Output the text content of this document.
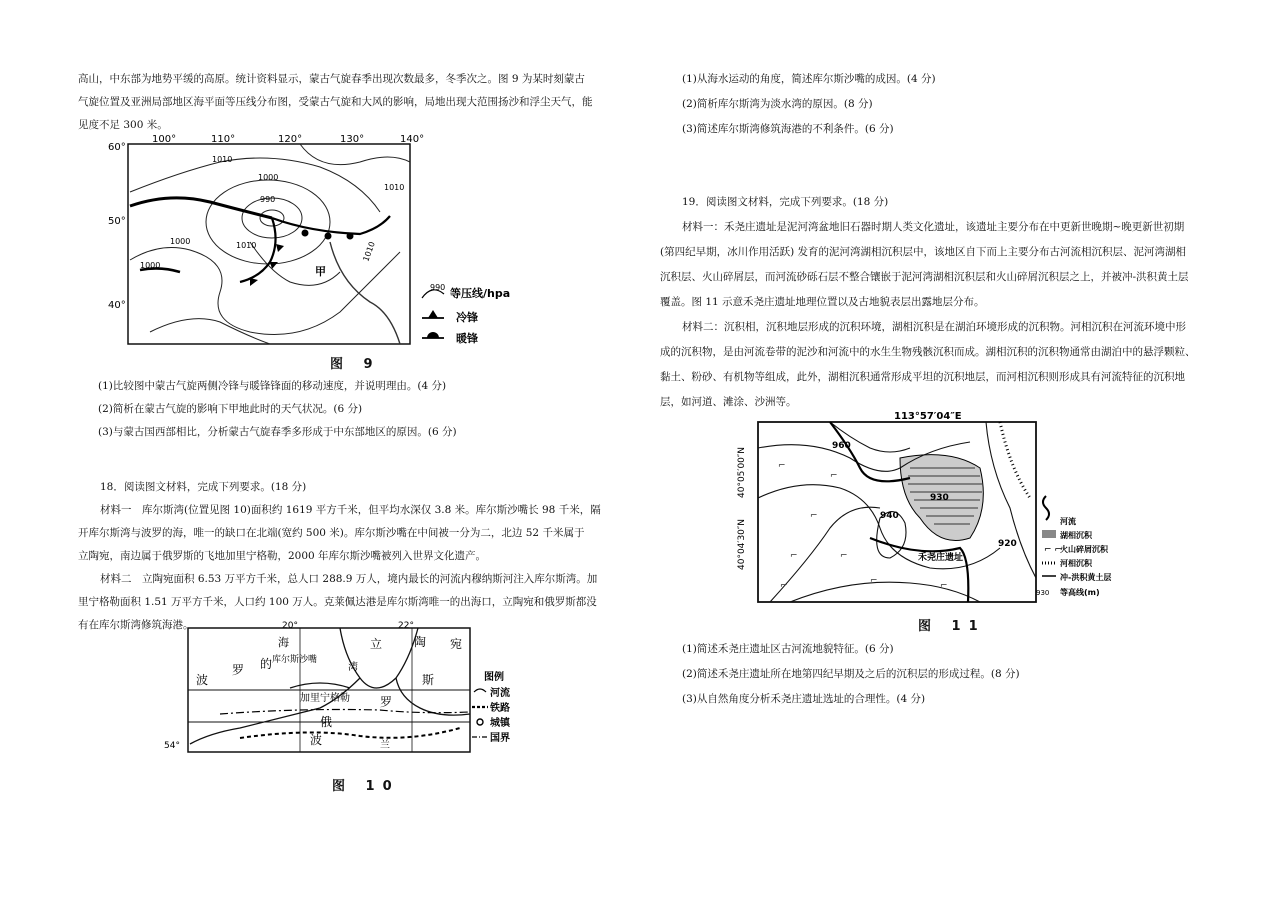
高山，中东部为地势平缓的高原。统计资料显示，蒙古气旋春季出现次数最多，冬季次之。图 9 为某时刻蒙古

气旋位置及亚洲局部地区海平面等压线分布图，受蒙古气旋和大风的影响，局地出现大范围扬沙和浮尘天气，能

见度不足 300 米。

100°	110°	120°	130°	140°
60°
50°
40°
1010
1000
990
1000	1010
1010
1000
1010
甲
990 等压线/hpa
冷锋
暖锋
图 9

(1)比较图中蒙古气旋两侧冷锋与暖锋锋面的移动速度，并说明理由。(4 分)

(2)简析在蒙古气旋的影响下甲地此时的天气状况。(6 分)

(3)与蒙古国西部相比，分析蒙古气旋春季多形成于中东部地区的原因。(6 分)

18．阅读图文材料，完成下列要求。(18 分)

材料一　库尔斯湾(位置见图 10)面积约 1619 平方千米，但平均水深仅 3.8 米。库尔斯沙嘴长 98 千米，隔

开库尔斯湾与波罗的海，唯一的缺口在北端(宽约 500 米)。库尔斯沙嘴在中间被一分为二，北边 52 千米属于

立陶宛，南边属于俄罗斯的飞地加里宁格勒，2000 年库尔斯沙嘴被列入世界文化遗产。

材料二　立陶宛面积 6.53 万平方千米，总人口 288.9 万人，境内最长的河流内穆纳斯河注入库尔斯湾。加

里宁格勒面积 1.51 万平方千米，人口约 100 万人。克莱佩达港是库尔斯湾唯一的出海口，立陶宛和俄罗斯都没

有在库尔斯湾修筑海港。	20°	22°
54°
波
罗 的
海
库尔斯沙嘴
立	陶 宛
加里宁格勒
俄
罗
斯
波	兰
湾
图例
河流
铁路
城镇
国界
图 10

(1)从海水运动的角度，简述库尔斯沙嘴的成因。(4 分)

(2)简析库尔斯湾为淡水湾的原因。(8 分)

(3)简述库尔斯湾修筑海港的不利条件。(6 分)

19．阅读图文材料，完成下列要求。(18 分)

材料一：禾尧庄遗址是泥河湾盆地旧石器时期人类文化遗址，该遗址主要分布在中更新世晚期~晚更新世初期

(第四纪早期，冰川作用活跃) 发育的泥河湾湖相沉积层中，该地区自下而上主要分布古河流相沉积层、泥河湾湖相

沉积层、火山碎屑层，而河流砂砾石层不整合镶嵌于泥河湾湖相沉积层和火山碎屑沉积层之上，并被冲-洪积黄土层

覆盖。图 11 示意禾尧庄遗址地理位置以及古地貌表层出露地层分布。

材料二：沉积相，沉积地层形成的沉积环境，湖相沉积是在湖泊环境形成的沉积物。河相沉积在河流环境中形

成的沉积物，是由河流卷带的泥沙和河流中的水生生物残骸沉积而成。湖相沉积的沉积物通常由湖泊中的悬浮颗粒、

黏土、粉砂、有机物等组成，此外，湖相沉积通常形成平坦的沉积地层，而河相沉积则形成具有河流特征的沉积地

层，如河道、滩涂、沙洲等。

113°57′04″E
40°05′00″N
40°04′30″N
⌐
⌐
⌐	⌐
⌐
⌐	⌐
⌐
960
930
940
920
禾尧庄遗址
河流
湖相沉积
⌐ ⌐
火山碎屑沉积
河相沉积
冲-洪积黄土层
930 等高线(m)
图 11

(1)简述禾尧庄遗址区古河流地貌特征。(6 分)

(2)简述禾尧庄遗址所在地第四纪早期及之后的沉积层的形成过程。(8 分)

(3)从自然角度分析禾尧庄遗址选址的合理性。(4 分)
